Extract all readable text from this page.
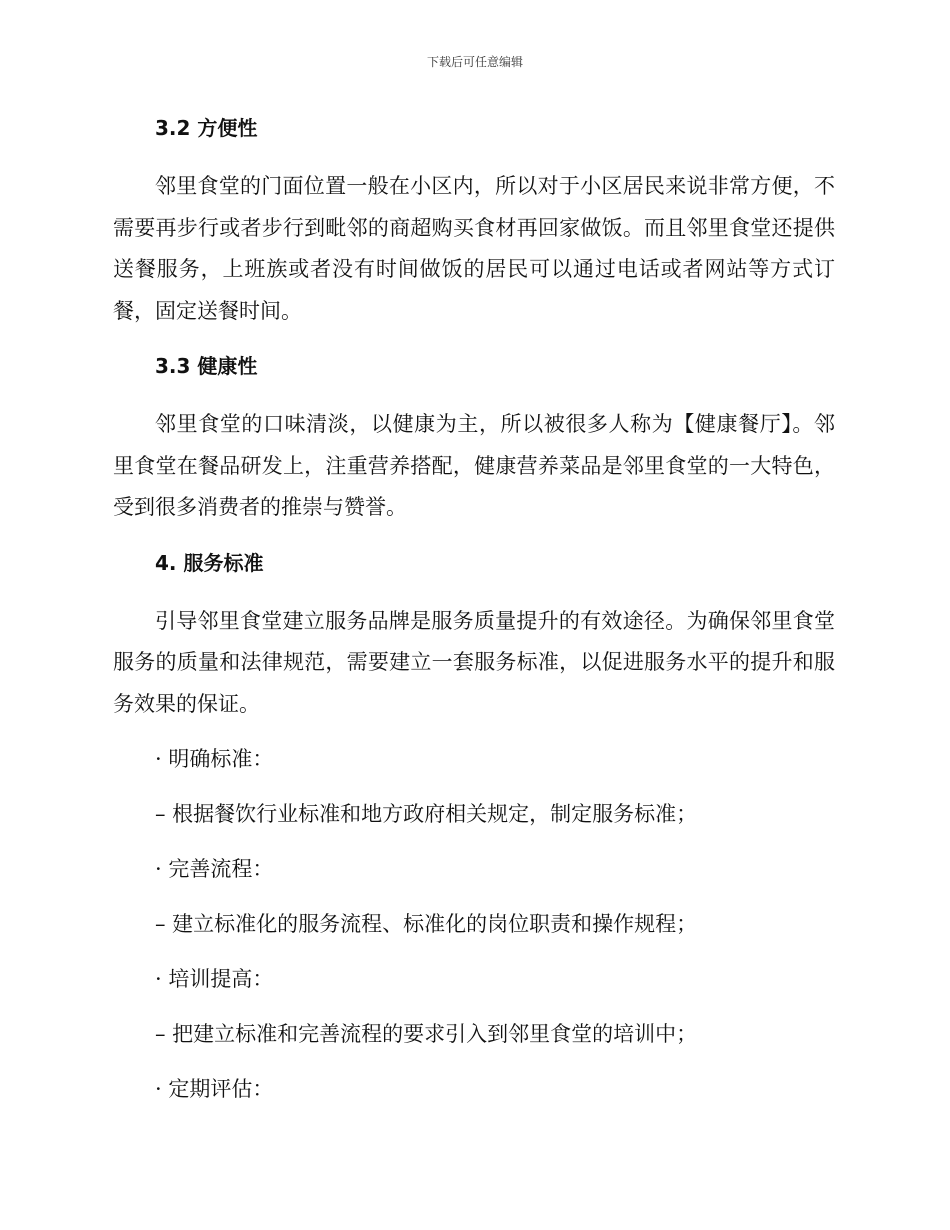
下载后可任意编辑
3.2 方便性

邻里食堂的门面位置一般在小区内，所以对于小区居民来说非常方便，不需要再步行或者步行到毗邻的商超购买食材再回家做饭。而且邻里食堂还提供送餐服务，上班族或者没有时间做饭的居民可以通过电话或者网站等方式订餐，固定送餐时间。

3.3 健康性

邻里食堂的口味清淡，以健康为主，所以被很多人称为【健康餐厅】。邻里食堂在餐品研发上，注重营养搭配，健康营养菜品是邻里食堂的一大特色，受到很多消费者的推崇与赞誉。

4. 服务标准

引导邻里食堂建立服务品牌是服务质量提升的有效途径。为确保邻里食堂服务的质量和法律规范，需要建立一套服务标准，以促进服务水平的提升和服务效果的保证。

· 明确标准：
– 根据餐饮行业标准和地方政府相关规定，制定服务标准；
· 完善流程：
– 建立标准化的服务流程、标准化的岗位职责和操作规程；
· 培训提高：
– 把建立标准和完善流程的要求引入到邻里食堂的培训中；
· 定期评估：
